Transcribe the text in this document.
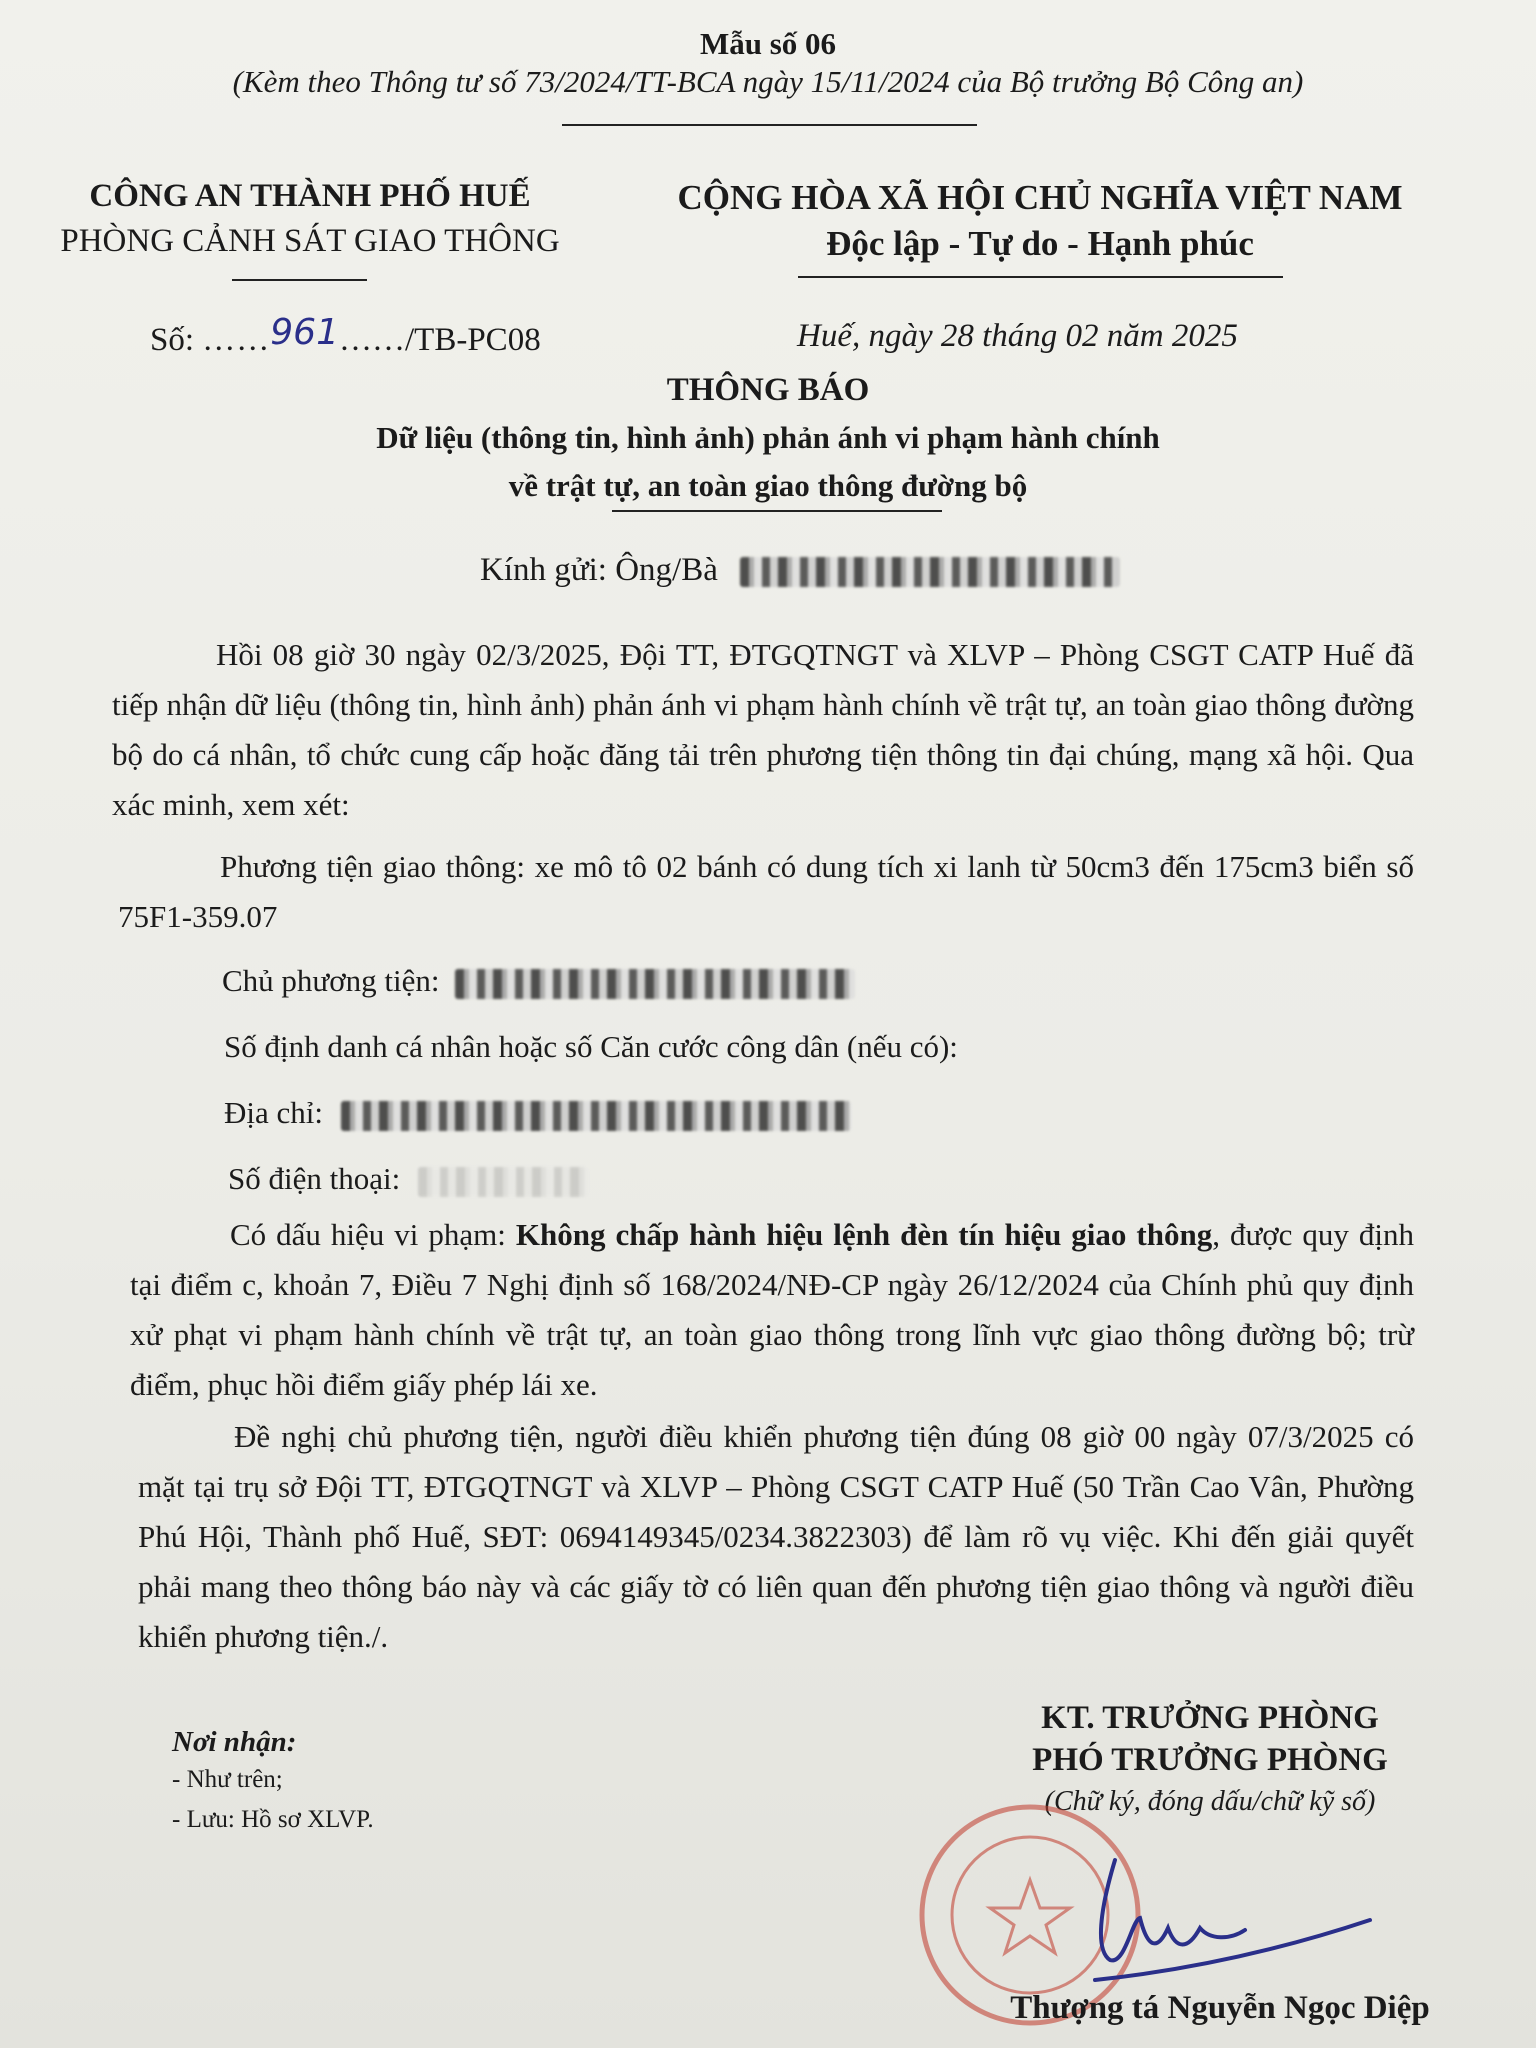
Mẫu số 06
(Kèm theo Thông tư số 73/2024/TT-BCA ngày 15/11/2024 của Bộ trưởng Bộ Công an)
CÔNG AN THÀNH PHỐ HUẾ
PHÒNG CẢNH SÁT GIAO THÔNG
Số: ……961……/TB-PC08
CỘNG HÒA XÃ HỘI CHỦ NGHĨA VIỆT NAM
Độc lập - Tự do - Hạnh phúc
Huế, ngày 28 tháng 02 năm 2025
THÔNG BÁO
Dữ liệu (thông tin, hình ảnh) phản ánh vi phạm hành chính
về trật tự, an toàn giao thông đường bộ
Kính gửi: Ông/Bà
Hồi 08 giờ 30 ngày 02/3/2025, Đội TT, ĐTGQTNGT và XLVP – Phòng CSGT CATP Huế đã tiếp nhận dữ liệu (thông tin, hình ảnh) phản ánh vi phạm hành chính về trật tự, an toàn giao thông đường bộ do cá nhân, tổ chức cung cấp hoặc đăng tải trên phương tiện thông tin đại chúng, mạng xã hội. Qua xác minh, xem xét:
Phương tiện giao thông: xe mô tô 02 bánh có dung tích xi lanh từ 50cm3 đến 175cm3 biển số 75F1-359.07
Chủ phương tiện:
Số định danh cá nhân hoặc số Căn cước công dân (nếu có):
Địa chỉ:
Số điện thoại:
Có dấu hiệu vi phạm: Không chấp hành hiệu lệnh đèn tín hiệu giao thông, được quy định tại điểm c, khoản 7, Điều 7 Nghị định số 168/2024/NĐ-CP ngày 26/12/2024 của Chính phủ quy định xử phạt vi phạm hành chính về trật tự, an toàn giao thông trong lĩnh vực giao thông đường bộ; trừ điểm, phục hồi điểm giấy phép lái xe.
Đề nghị chủ phương tiện, người điều khiển phương tiện đúng 08 giờ 00 ngày 07/3/2025 có mặt tại trụ sở Đội TT, ĐTGQTNGT và XLVP – Phòng CSGT CATP Huế (50 Trần Cao Vân, Phường Phú Hội, Thành phố Huế, SĐT: 0694149345/0234.3822303) để làm rõ vụ việc. Khi đến giải quyết phải mang theo thông báo này và các giấy tờ có liên quan đến phương tiện giao thông và người điều khiển phương tiện./.
Nơi nhận:
- Như trên;
- Lưu: Hồ sơ XLVP.
KT. TRƯỞNG PHÒNG
PHÓ TRƯỞNG PHÒNG
(Chữ ký, đóng dấu/chữ kỹ số)
Thượng tá Nguyễn Ngọc Diệp
